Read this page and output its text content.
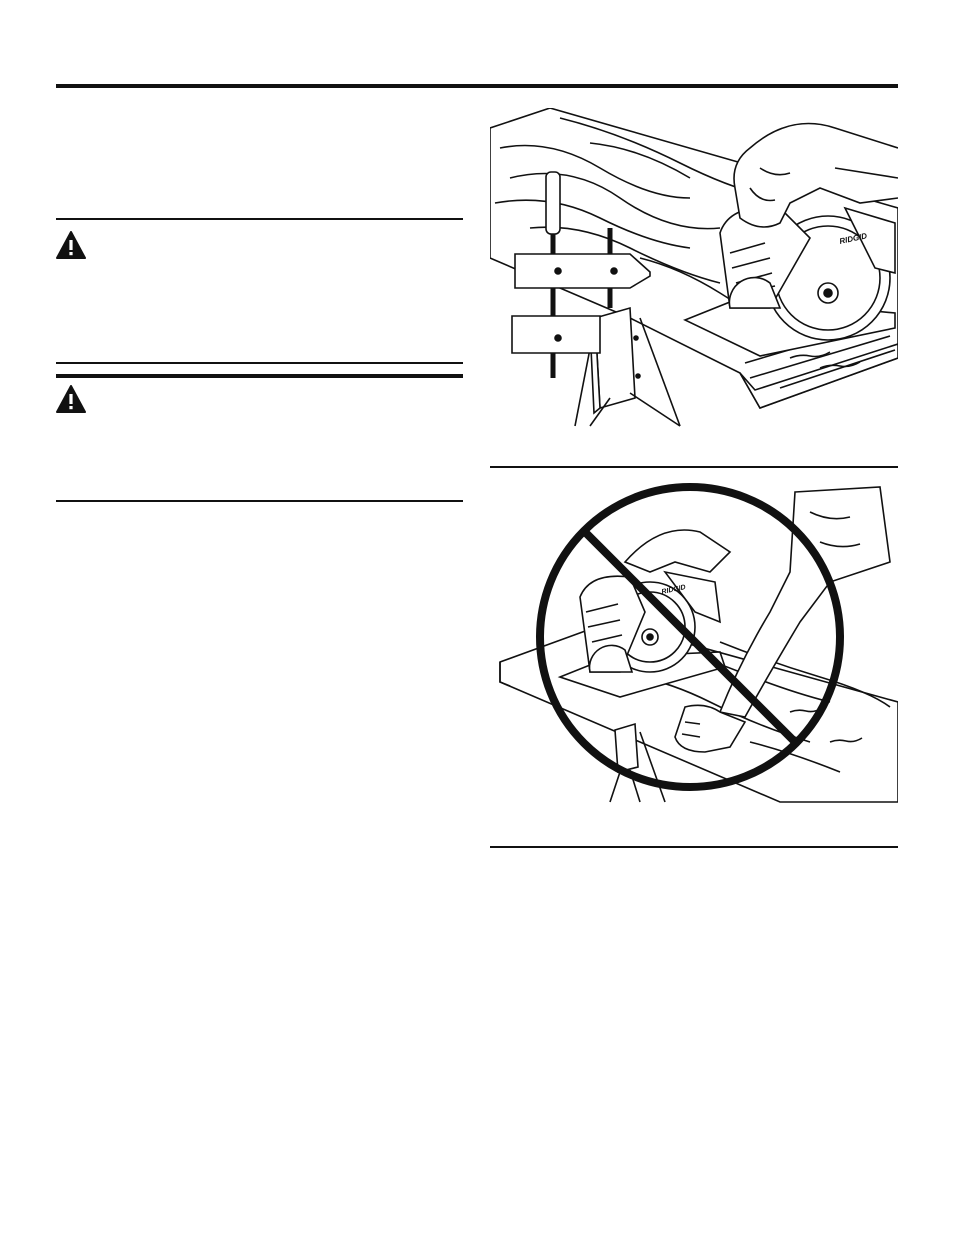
RIDGID
RIDGID
